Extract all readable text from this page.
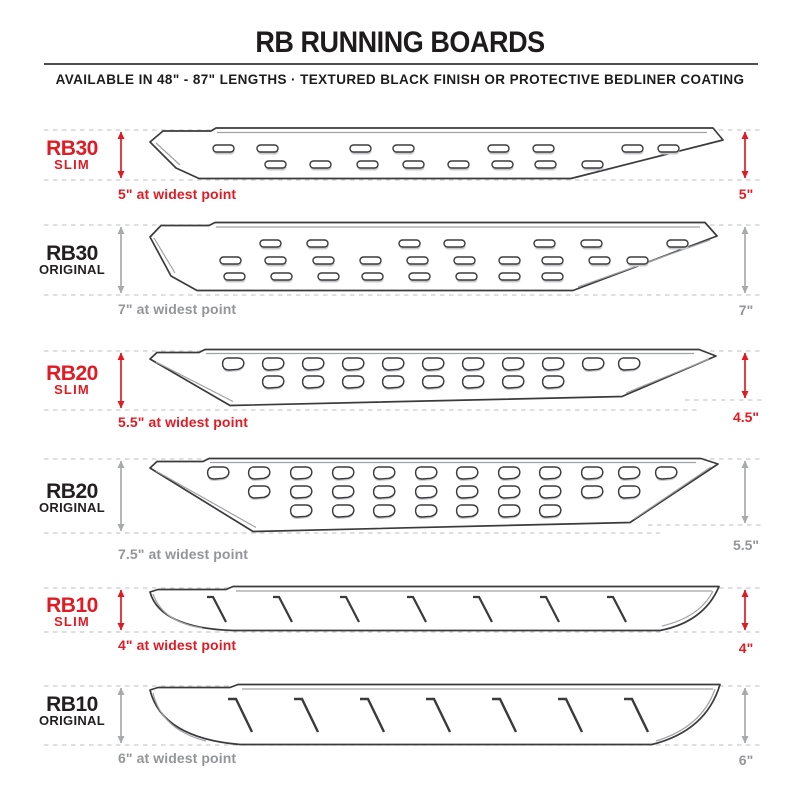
RB RUNNING BOARDS
AVAILABLE IN 48" - 87" LENGTHS · TEXTURED BLACK FINISH OR PROTECTIVE BEDLINER COATING
RB30
SLIM
5" at widest point	5"
RB30
ORIGINAL
7" at widest point	7"
RB20
SLIM
5.5" at widest point	4.5"
RB20
ORIGINAL
7.5" at widest point
5.5"
RB10
SLIM
4" at widest point	4"
RB10
ORIGINAL
6" at widest point	6"
